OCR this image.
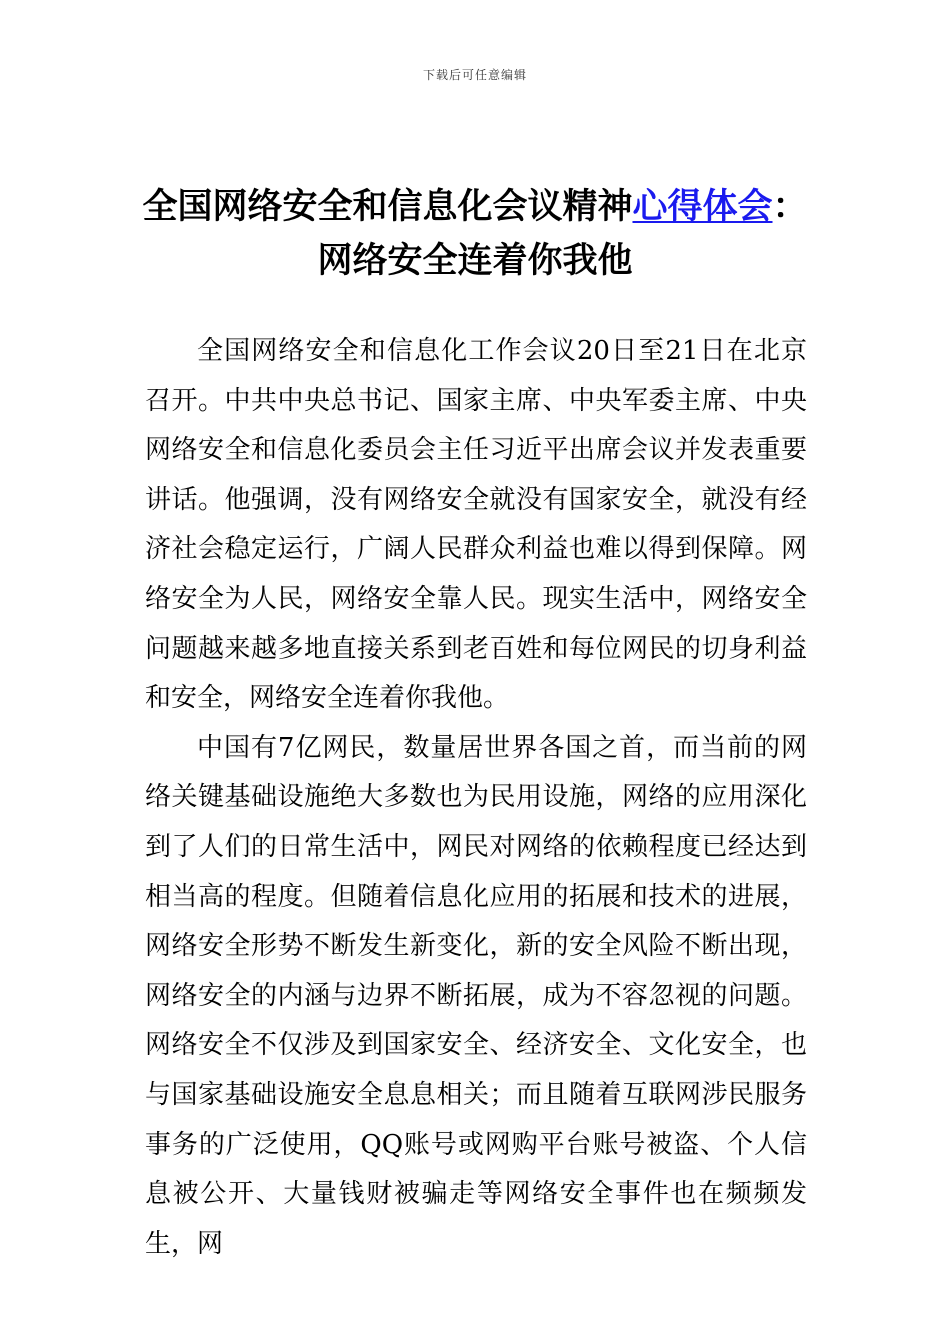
下载后可任意编辑
全国网络安全和信息化会议精神心得体会：
网络安全连着你我他

全国网络安全和信息化工作会议20日至21日在北京召开。中共中央总书记、国家主席、中央军委主席、中央网络安全和信息化委员会主任习近平出席会议并发表重要讲话。他强调，没有网络安全就没有国家安全，就没有经济社会稳定运行，广阔人民群众利益也难以得到保障。网络安全为人民，网络安全靠人民。现实生活中，网络安全问题越来越多地直接关系到老百姓和每位网民的切身利益和安全，网络安全连着你我他。

中国有7亿网民，数量居世界各国之首，而当前的网络关键基础设施绝大多数也为民用设施，网络的应用深化到了人们的日常生活中，网民对网络的依赖程度已经达到相当高的程度。但随着信息化应用的拓展和技术的进展，网络安全形势不断发生新变化，新的安全风险不断出现，网络安全的内涵与边界不断拓展，成为不容忽视的问题。网络安全不仅涉及到国家安全、经济安全、文化安全，也与国家基础设施安全息息相关；而且随着互联网涉民服务事务的广泛使用，QQ账号或网购平台账号被盗、个人信息被公开、大量钱财被骗走等网络安全事件也在频频发生，网
